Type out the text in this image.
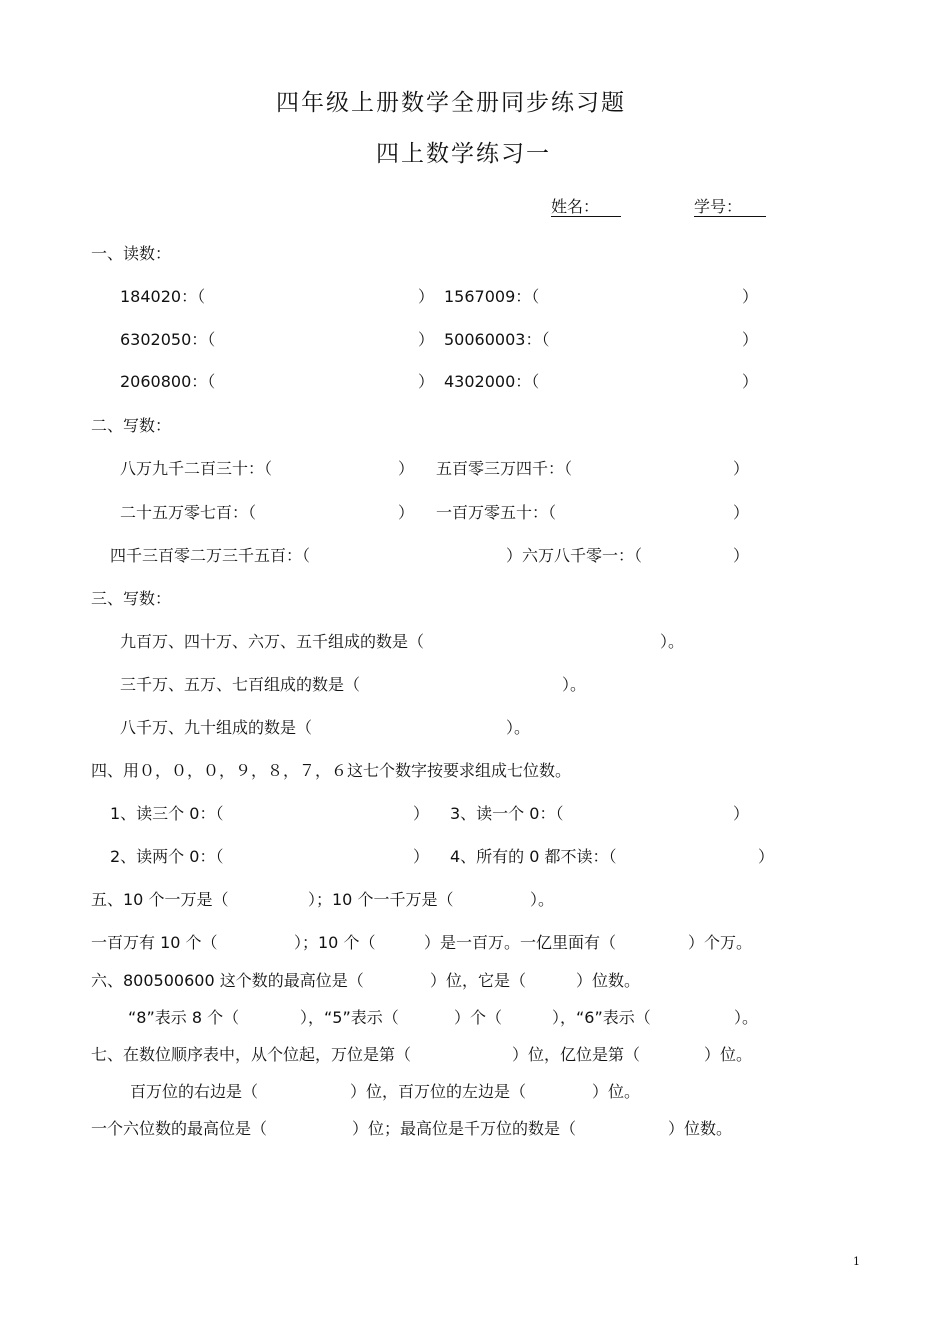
四年级上册数学全册同步练习题
四上数学练习一
姓名：	学号：
一、读数：
184020：（	） 1567009：（	）
6302050：（	） 50060003：（	）
2060800：（	） 4302000：（	）
二、写数：
八万九千二百三十：（	） 五百零三万四千：（	）
二十五万零七百：（	） 一百万零五十：（	）
四千三百零二万三千五百：（	）六万八千零一：（	）
三、写数：
九百万、四十万、六万、五千组成的数是（	）。
三千万、五万、七百组成的数是（	）。
八千万、九十组成的数是（	）。
四、用０，０，０，９，８，７，６这七个数字按要求组成七位数。
1、读三个 0：（	） 3、读一个 0：（	）
2、读两个 0：（	） 4、所有的 0 都不读：（	）
五、10 个一万是（	）；10 个一千万是（	）。
一百万有 10 个（	）；10 个（	）是一百万。一亿里面有（	）个万。
六、800500600 这个数的最高位是（	）位，它是（	）位数。
“8”表示 8 个（	），“5”表示（	）个（	），“6”表示（	）。
七、在数位顺序表中，从个位起，万位是第（	）位，亿位是第（	）位。
百万位的右边是（	）位，百万位的左边是（	）位。
一个六位数的最高位是（	）位；最高位是千万位的数是（	）位数。
1
